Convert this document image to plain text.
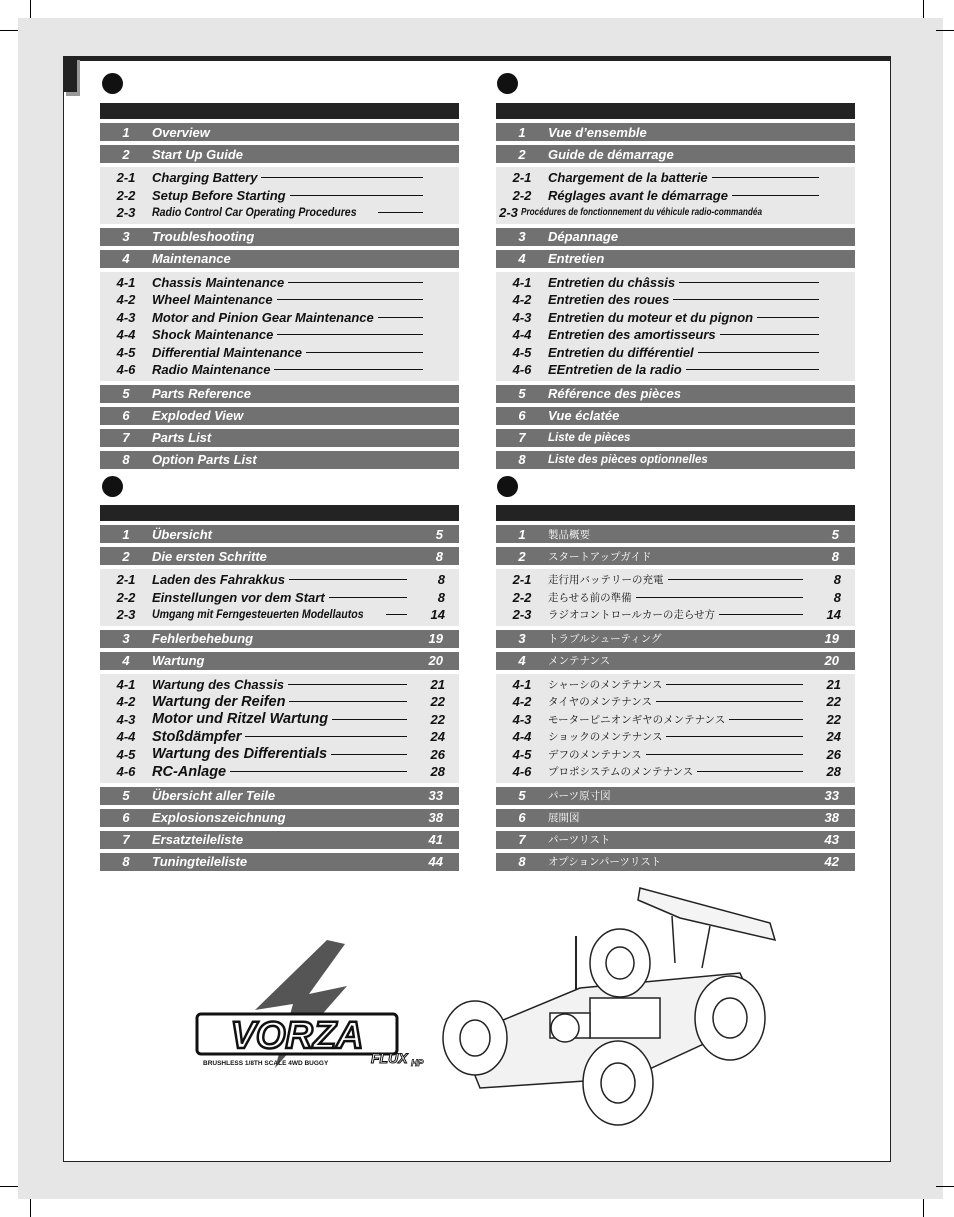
1	Overview
2	Start Up Guide
2-1	Charging Battery
2-2	Setup Before Starting
2-3	Radio Control Car Operating Procedures
3	Troubleshooting
4	Maintenance
4-1	Chassis Maintenance
4-2	Wheel Maintenance
4-3	Motor and Pinion Gear Maintenance
4-4	Shock Maintenance
4-5	Differential Maintenance
4-6	Radio Maintenance
5	Parts Reference
6	Exploded View
7	Parts List
8	Option Parts List
1	Vue d’ensemble
2	Guide de démarrage
2-1	Chargement de la batterie
2-2	Réglages avant le démarrage
2-3 Procédures de fonctionnement du véhicule radio-commandéa
3	Dépannage
4	Entretien
4-1	Entretien du châssis
4-2	Entretien des roues
4-3	Entretien du moteur et du pignon
4-4	Entretien des amortisseurs
4-5	Entretien du différentiel
4-6	EEntretien de la radio
5	Référence des pièces
6	Vue éclatée
7	Liste de pièces
8	Liste des pièces optionnelles
1	Übersicht	5
2	Die ersten Schritte	8
2-1	Laden des Fahrakkus	8
2-2	Einstellungen vor dem Start	8
2-3	Umgang mit Ferngesteuerten Modellautos	14
3	Fehlerbehebung	19
4	Wartung	20
4-1	Wartung des Chassis	21
4-2	Wartung der Reifen	22
4-3	Motor und Ritzel Wartung	22
4-4	Stoßdämpfer	24
4-5	Wartung des Differentials	26
4-6	RC-Anlage	28
5	Übersicht aller Teile	33
6	Explosionszeichnung	38
7	Ersatzteileliste	41
8	Tuningteileliste	44
1	製品概要	5
2	スタートアップガイド	8
2-1	走行用バッテリーの充電	8
2-2	走らせる前の準備	8
2-3	ラジオコントロールカーの走らせ方	14
3	トラブルシューティング	19
4	メンテナンス	20
4-1	シャーシのメンテナンス	21
4-2	タイヤのメンテナンス	22
4-3	モーターピニオンギヤのメンテナンス	22
4-4	ショックのメンテナンス	24
4-5	デフのメンテナンス	26
4-6	プロポシステムのメンテナンス	28
5	パーツ原寸図	33
6	展開図	38
7	パーツリスト	43
8	オプションパーツリスト	42
VORZA
BRUSHLESS 1/8TH SCALE 4WD BUGGY	FLUX HP
